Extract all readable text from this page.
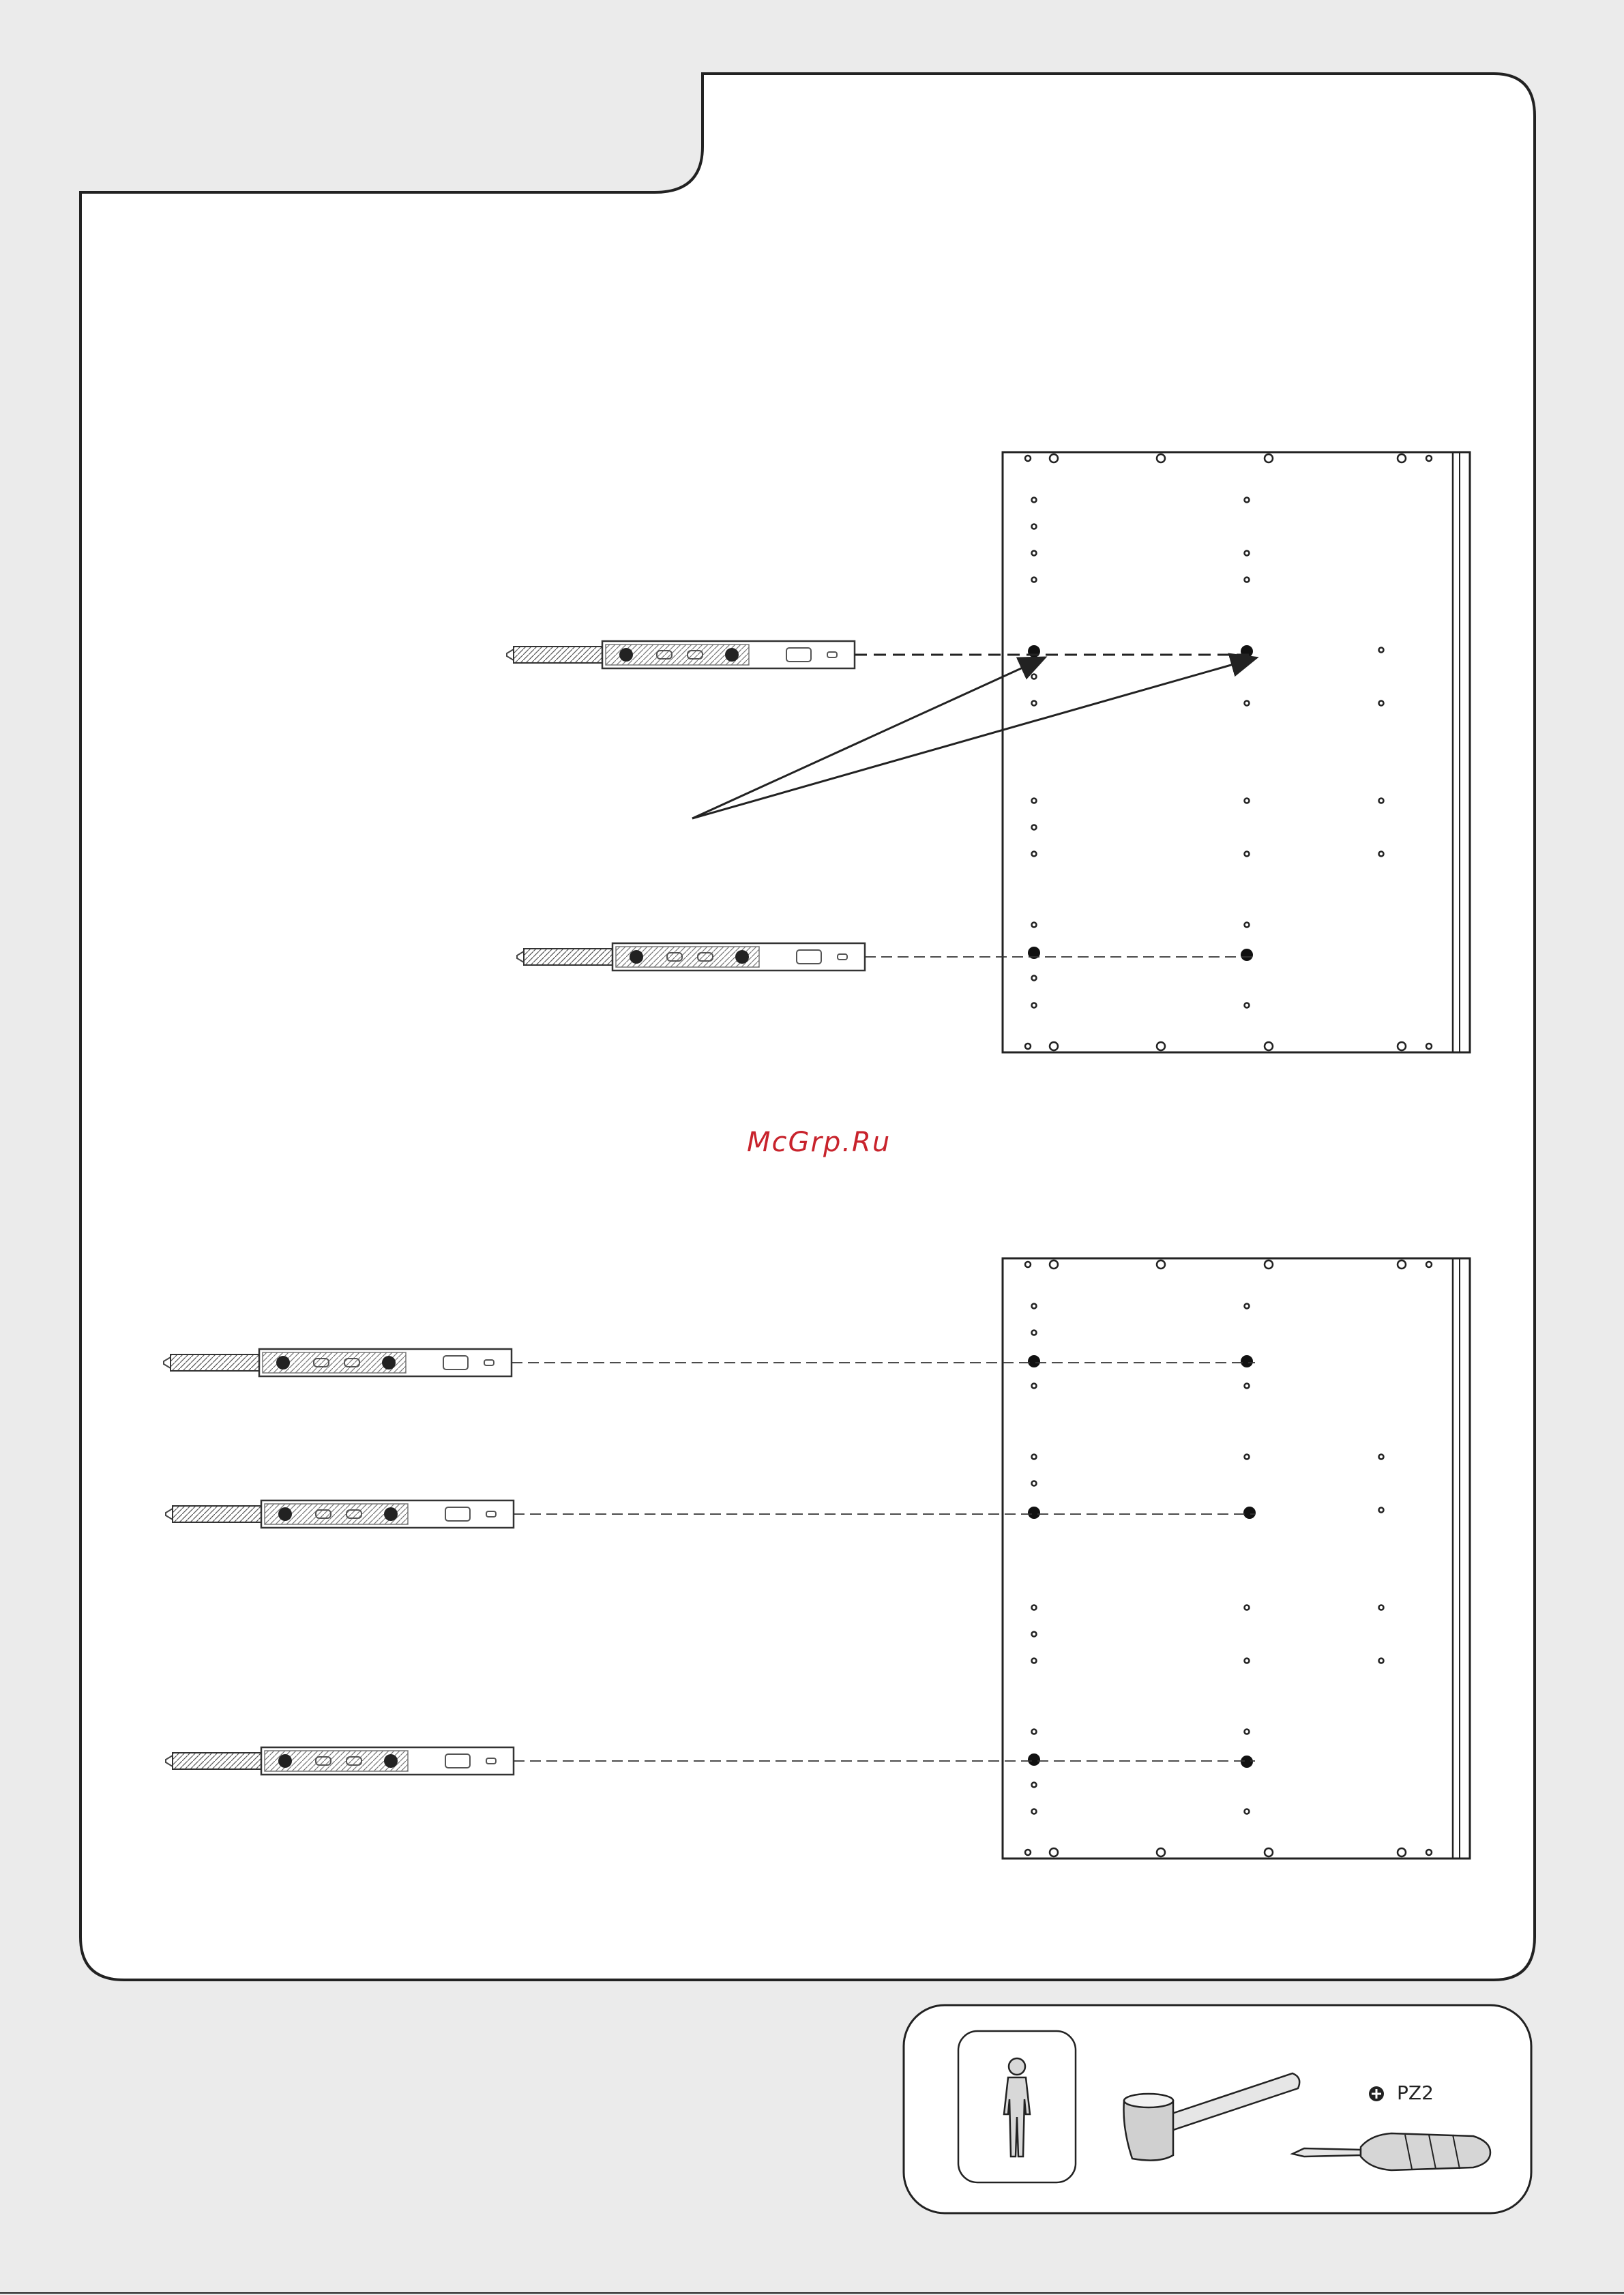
McGrp.Ru
PZ2
